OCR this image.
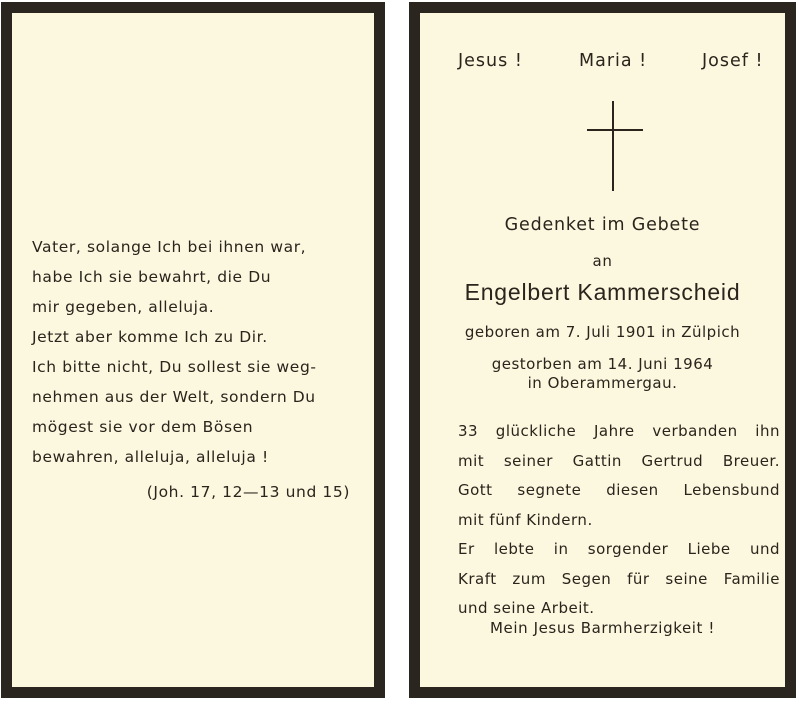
Vater, solange Ich bei ihnen war,
habe Ich sie bewahrt, die Du
mir gegeben, alleluja.
Jetzt aber komme Ich zu Dir.
Ich bitte nicht, Du sollest sie weg-
nehmen aus der Welt, sondern Du
mögest sie vor dem Bösen
bewahren, alleluja, alleluja !
(Joh. 17, 12—13 und 15)
Jesus !	Maria !	Josef !
Gedenket im Gebete
an
Engelbert Kammerscheid
geboren am 7. Juli 1901 in Zülpich
gestorben am 14. Juni 1964
in Oberammergau.
33 glückliche Jahre verbanden ihn
mit seiner Gattin Gertrud Breuer.
Gott segnete diesen Lebensbund
mit fünf Kindern.
Er lebte in sorgender Liebe und
Kraft zum Segen für seine Familie
und seine Arbeit.
Mein Jesus Barmherzigkeit !
